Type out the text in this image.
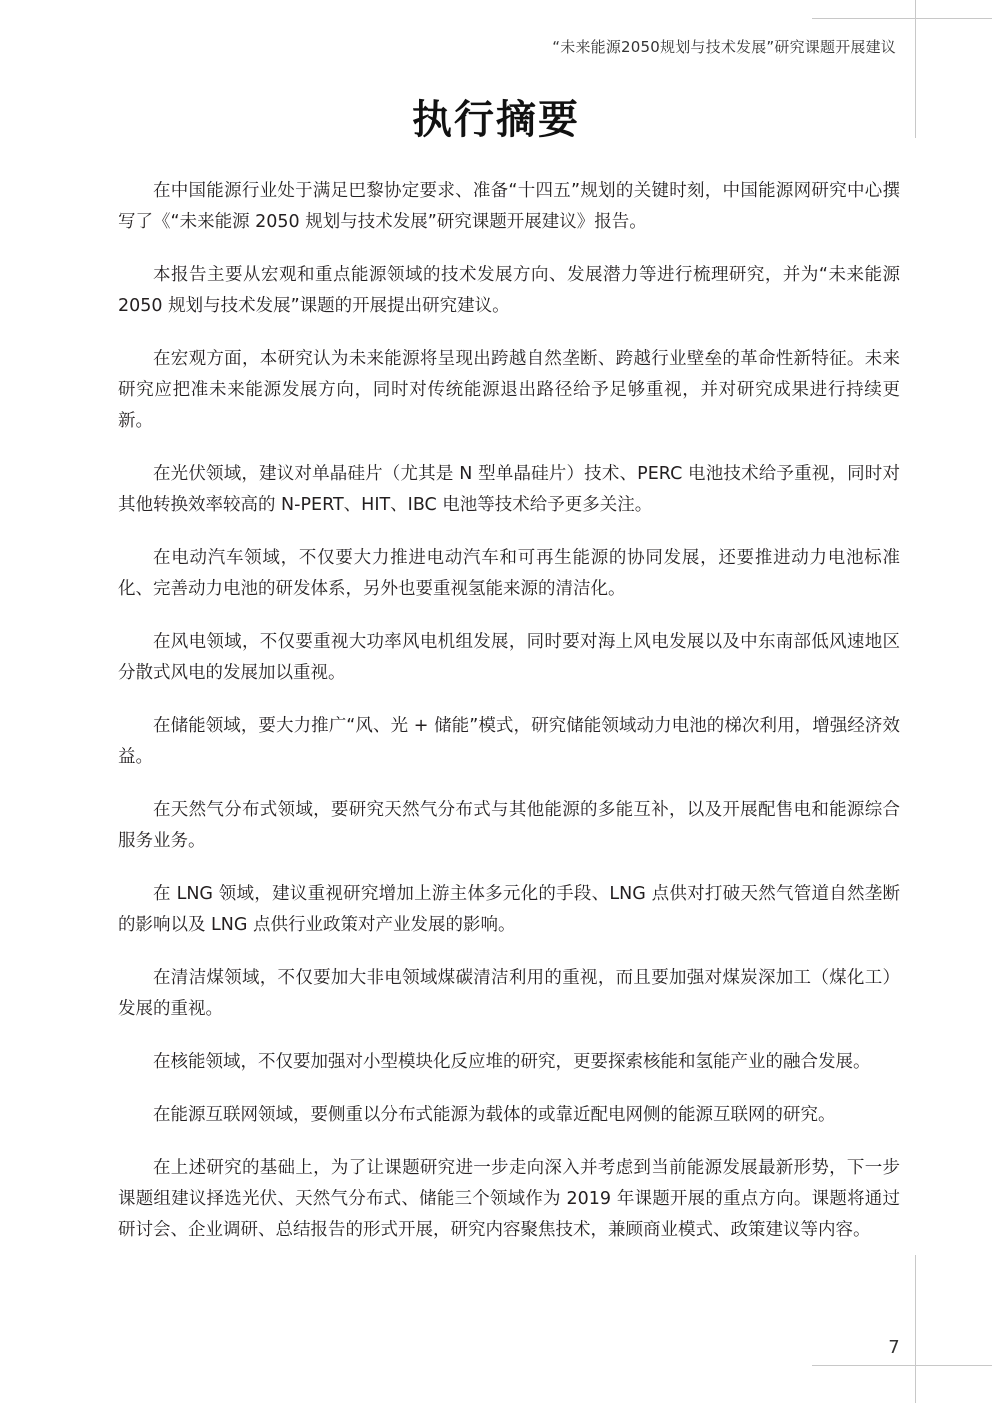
“未来能源2050规划与技术发展”研究课题开展建议
执行摘要

在中国能源行业处于满足巴黎协定要求、准备“十四五”规划的关键时刻，中国能源网研究中心撰写了《“未来能源 2050 规划与技术发展”研究课题开展建议》报告。

本报告主要从宏观和重点能源领域的技术发展方向、发展潜力等进行梳理研究，并为“未来能源 2050 规划与技术发展”课题的开展提出研究建议。

在宏观方面，本研究认为未来能源将呈现出跨越自然垄断、跨越行业壁垒的革命性新特征。未来研究应把准未来能源发展方向，同时对传统能源退出路径给予足够重视，并对研究成果进行持续更新。

在光伏领域，建议对单晶硅片（尤其是 N 型单晶硅片）技术、PERC 电池技术给予重视，同时对其他转换效率较高的 N-PERT、HIT、IBC 电池等技术给予更多关注。

在电动汽车领域，不仅要大力推进电动汽车和可再生能源的协同发展，还要推进动力电池标准化、完善动力电池的研发体系，另外也要重视氢能来源的清洁化。

在风电领域，不仅要重视大功率风电机组发展，同时要对海上风电发展以及中东南部低风速地区分散式风电的发展加以重视。

在储能领域，要大力推广“风、光 + 储能”模式，研究储能领域动力电池的梯次利用，增强经济效益。

在天然气分布式领域，要研究天然气分布式与其他能源的多能互补，以及开展配售电和能源综合服务业务。

在 LNG 领域，建议重视研究增加上游主体多元化的手段、LNG 点供对打破天然气管道自然垄断的影响以及 LNG 点供行业政策对产业发展的影响。

在清洁煤领域，不仅要加大非电领域煤碳清洁利用的重视，而且要加强对煤炭深加工（煤化工）发展的重视。

在核能领域，不仅要加强对小型模块化反应堆的研究，更要探索核能和氢能产业的融合发展。

在能源互联网领域，要侧重以分布式能源为载体的或靠近配电网侧的能源互联网的研究。

在上述研究的基础上，为了让课题研究进一步走向深入并考虑到当前能源发展最新形势，下一步课题组建议择选光伏、天然气分布式、储能三个领域作为 2019 年课题开展的重点方向。课题将通过研讨会、企业调研、总结报告的形式开展，研究内容聚焦技术，兼顾商业模式、政策建议等内容。

7
